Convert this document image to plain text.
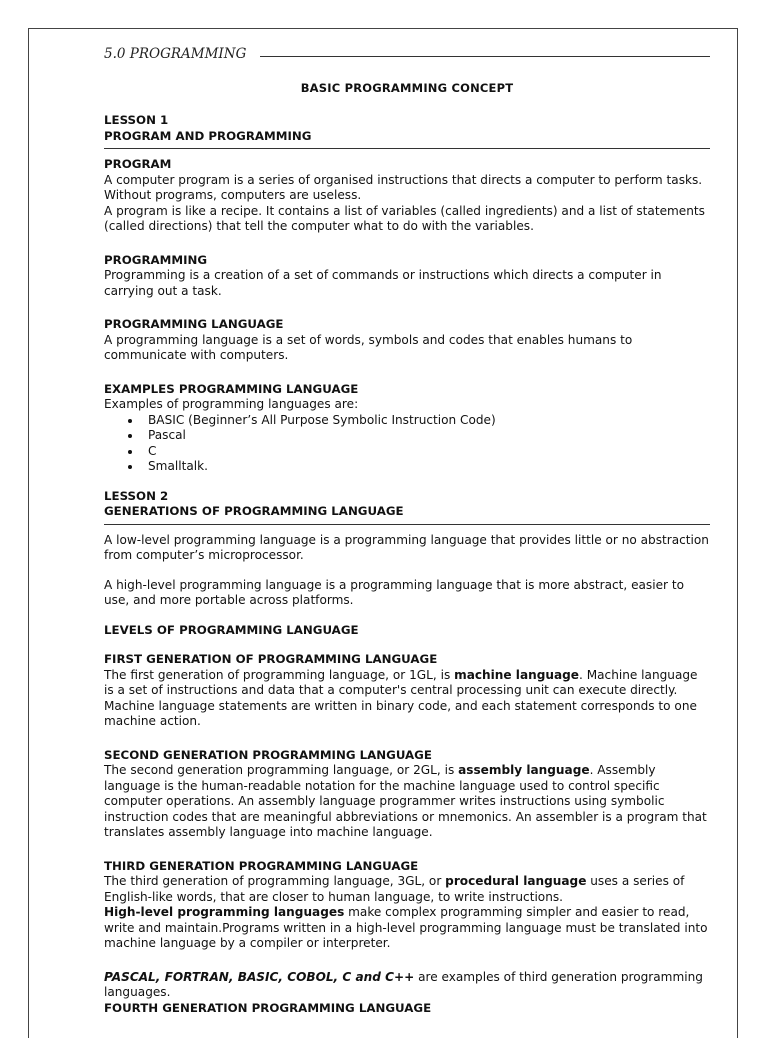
5.0 PROGRAMMING
BASIC PROGRAMMING CONCEPT
LESSON 1
PROGRAM AND PROGRAMMING
PROGRAM

A computer program is a series of organised instructions that directs a computer to perform tasks. Without programs, computers are useless.

A program is like a recipe. It contains a list of variables (called ingredients) and a list of statements (called directions) that tell the computer what to do with the variables.

PROGRAMMING

Programming is a creation of a set of commands or instructions which directs a computer in carrying out a task.

PROGRAMMING LANGUAGE

A programming language is a set of words, symbols and codes that enables humans to communicate with computers.

EXAMPLES PROGRAMMING LANGUAGE

Examples of programming languages are:

BASIC (Beginner’s All Purpose Symbolic Instruction Code)
Pascal
C
Smalltalk.
LESSON 2
GENERATIONS OF PROGRAMMING LANGUAGE

A low-level programming language is a programming language that provides little or no abstraction from computer’s microprocessor.

A high-level programming language is a programming language that is more abstract, easier to use, and more portable across platforms.

LEVELS OF PROGRAMMING LANGUAGE
FIRST GENERATION OF PROGRAMMING LANGUAGE

The first generation of programming language, or 1GL, is machine language. Machine language is a set of instructions and data that a computer's central processing unit can execute directly. Machine language statements are written in binary code, and each statement corresponds to one machine action.

SECOND GENERATION PROGRAMMING LANGUAGE

The second generation programming language, or 2GL, is assembly language. Assembly language is the human-readable notation for the machine language used to control specific computer operations. An assembly language programmer writes instructions using symbolic instruction codes that are meaningful abbreviations or mnemonics. An assembler is a program that translates assembly language into machine language.

THIRD GENERATION PROGRAMMING LANGUAGE

The third generation of programming language, 3GL, or procedural language uses a series of English-like words, that are closer to human language, to write instructions.

High-level programming languages make complex programming simpler and easier to read, write and maintain.Programs written in a high-level programming language must be translated into machine language by a compiler or interpreter.

PASCAL, FORTRAN, BASIC, COBOL, C and C++ are examples of third generation programming languages.

FOURTH GENERATION PROGRAMMING LANGUAGE
